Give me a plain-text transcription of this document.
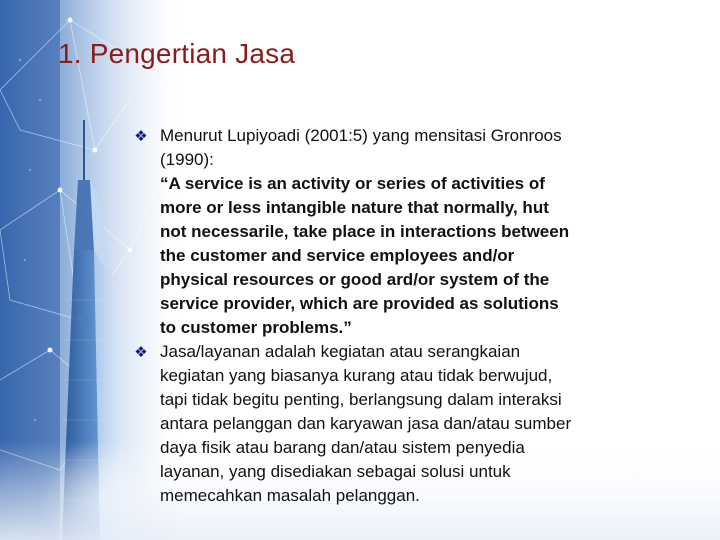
1. Pengertian Jasa
❖ Menurut Lupiyoadi (2001:5) yang mensitasi Gronroos
(1990):
“A service is an activity or series of activities of
more or less intangible nature that normally, hut
not necessarile, take place in interactions between
the customer and service employees and/or
physical resources or good ard/or system of the
service provider, which are provided as solutions
to customer problems.”
❖ Jasa/layanan adalah kegiatan atau serangkaian
kegiatan yang biasanya kurang atau tidak berwujud,
tapi tidak begitu penting, berlangsung dalam interaksi
antara pelanggan dan karyawan jasa dan/atau sumber
daya fisik atau barang dan/atau sistem penyedia
layanan, yang disediakan sebagai solusi untuk
memecahkan masalah pelanggan.
